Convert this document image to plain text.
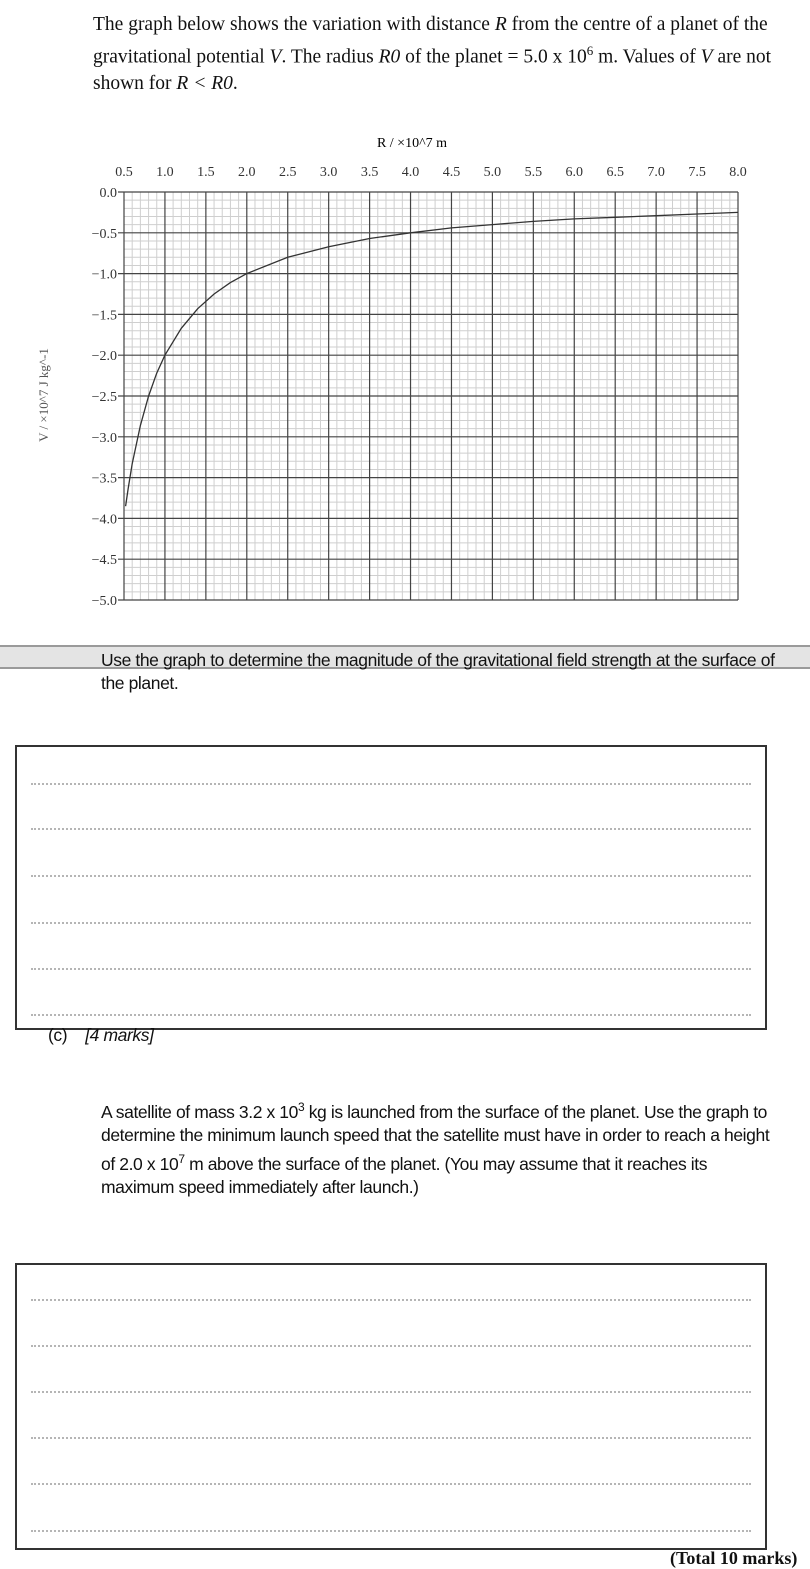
The graph below shows the variation with distance R from the centre of a planet of the gravitational potential V. The radius R0 of the planet = 5.0 x $10^6$ m. Values of V are not shown for R < R0.
0.5 1.0 1.5 2.0 2.5 3.0 3.5 4.0 4.5 5.0 5.5 6.0 6.5 7.0 7.5 8.0
0.0
−0.5
−1.0
−1.5
−2.0
−2.5
−3.0
−3.5
−4.0
−4.5
−5.0
R / ×10^7 m
V / ×10^7 J kg^-1
Use the graph to determine the magnitude of the gravitational field strength at the surface of the planet.
(c) [4 marks]
A satellite of mass 3.2 x $10^3$ kg is launched from the surface of the planet. Use the graph to determine the minimum launch speed that the satellite must have in order to reach a height of 2.0 x $10^7$ m above the surface of the planet. (You may assume that it reaches its maximum speed immediately after launch.)
(Total 10 marks)
